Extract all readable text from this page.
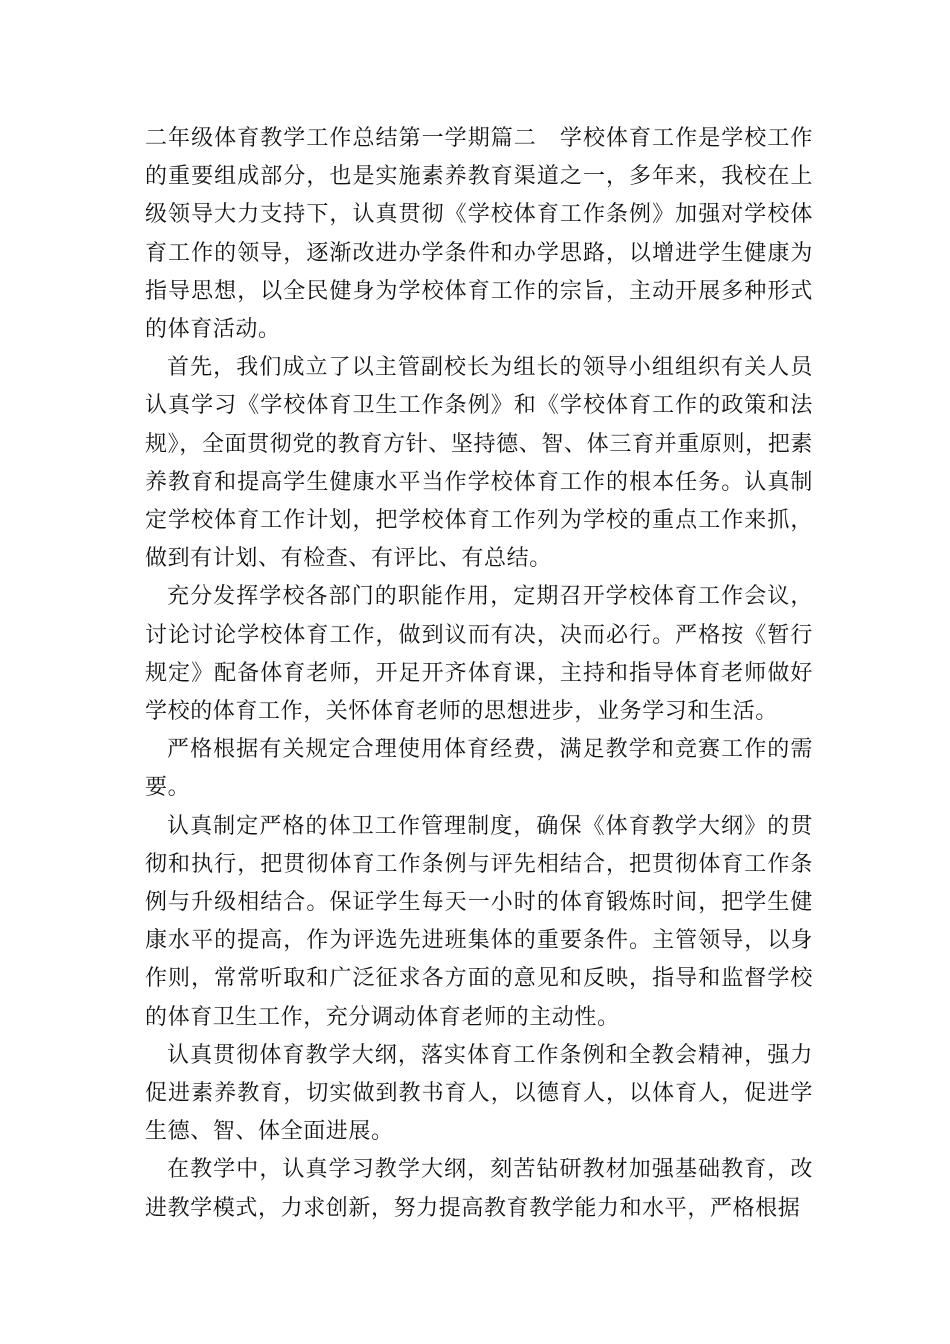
二年级体育教学工作总结第一学期篇二　学校体育工作是学校工作的重要组成部分，也是实施素养教育渠道之一，多年来，我校在上级领导大力支持下，认真贯彻《学校体育工作条例》加强对学校体育工作的领导，逐渐改进办学条件和办学思路，以增进学生健康为指导思想，以全民健身为学校体育工作的宗旨，主动开展多种形式的体育活动。

首先，我们成立了以主管副校长为组长的领导小组组织有关人员认真学习《学校体育卫生工作条例》和《学校体育工作的政策和法规》，全面贯彻党的教育方针、坚持德、智、体三育并重原则，把素养教育和提高学生健康水平当作学校体育工作的根本任务。认真制定学校体育工作计划，把学校体育工作列为学校的重点工作来抓，做到有计划、有检查、有评比、有总结。

充分发挥学校各部门的职能作用，定期召开学校体育工作会议，讨论讨论学校体育工作，做到议而有决，决而必行。严格按《暂行规定》配备体育老师，开足开齐体育课，主持和指导体育老师做好学校的体育工作，关怀体育老师的思想进步，业务学习和生活。

严格根据有关规定合理使用体育经费，满足教学和竞赛工作的需要。

认真制定严格的体卫工作管理制度，确保《体育教学大纲》的贯彻和执行，把贯彻体育工作条例与评先相结合，把贯彻体育工作条例与升级相结合。保证学生每天一小时的体育锻炼时间，把学生健康水平的提高，作为评选先进班集体的重要条件。主管领导，以身作则，常常听取和广泛征求各方面的意见和反映，指导和监督学校的体育卫生工作，充分调动体育老师的主动性。

认真贯彻体育教学大纲，落实体育工作条例和全教会精神，强力促进素养教育，切实做到教书育人，以德育人，以体育人，促进学生德、智、体全面进展。

在教学中，认真学习教学大纲，刻苦钻研教材加强基础教育，改进教学模式，力求创新，努力提高教育教学能力和水平，严格根据
